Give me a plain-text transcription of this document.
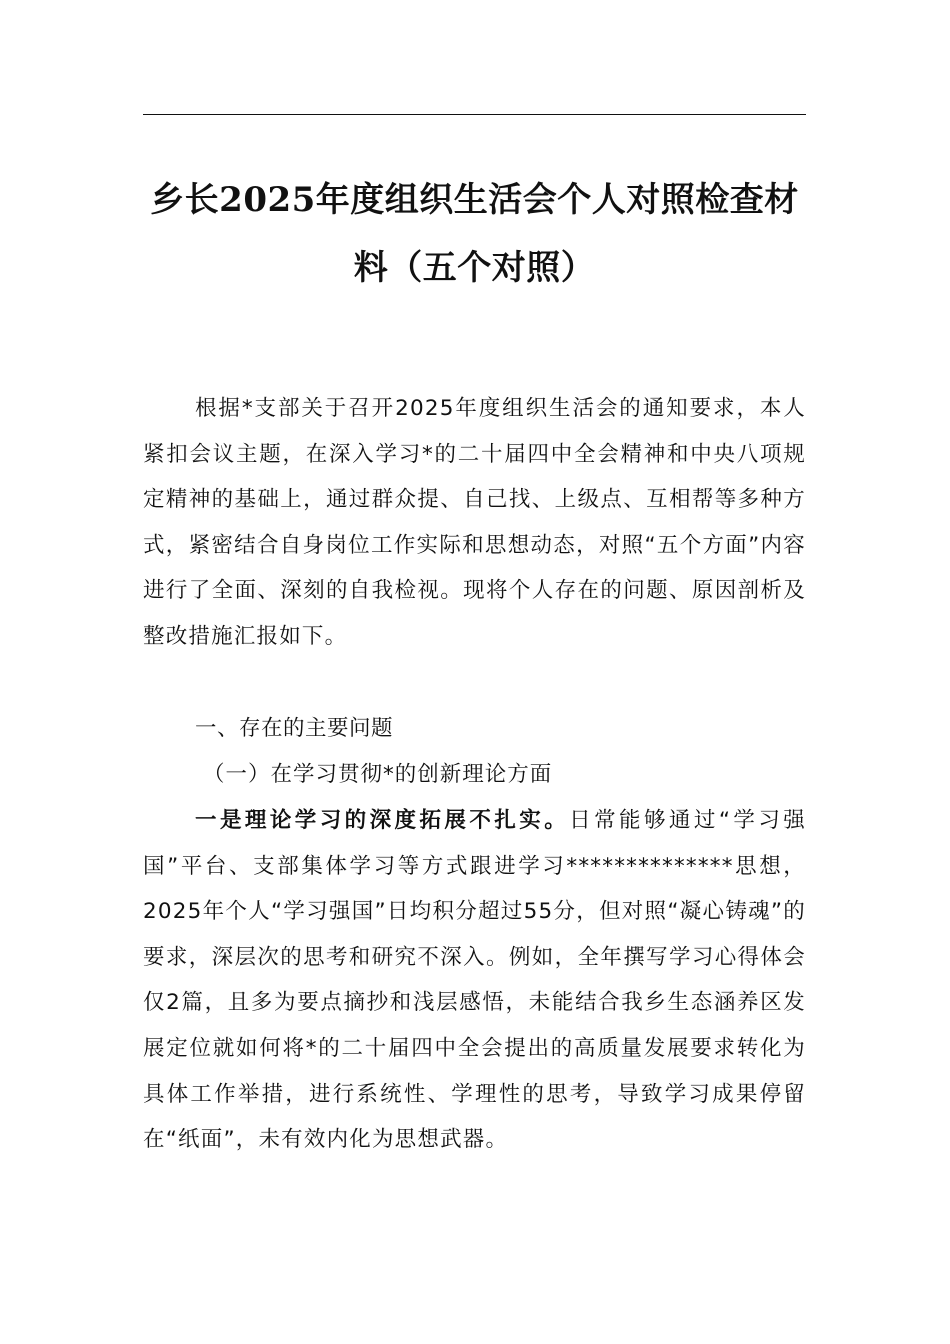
乡长2025年度组织生活会个人对照检查材料（五个对照）
根据*支部关于召开2025年度组织生活会的通知要求，本人紧扣会议主题，在深入学习*的二十届四中全会精神和中央八项规定精神的基础上，通过群众提、自己找、上级点、互相帮等多种方式，紧密结合自身岗位工作实际和思想动态，对照“五个方面”内容进行了全面、深刻的自我检视。现将个人存在的问题、原因剖析及整改措施汇报如下。
一、存在的主要问题
（一）在学习贯彻*的创新理论方面
一是理论学习的深度拓展不扎实。日常能够通过“学习强国”平台、支部集体学习等方式跟进学习**************思想，2025年个人“学习强国”日均积分超过55分，但对照“凝心铸魂”的要求，深层次的思考和研究不深入。例如，全年撰写学习心得体会仅2篇，且多为要点摘抄和浅层感悟，未能结合我乡生态涵养区发展定位就如何将*的二十届四中全会提出的高质量发展要求转化为具体工作举措，进行系统性、学理性的思考，导致学习成果停留在“纸面”，未有效内化为思想武器。
